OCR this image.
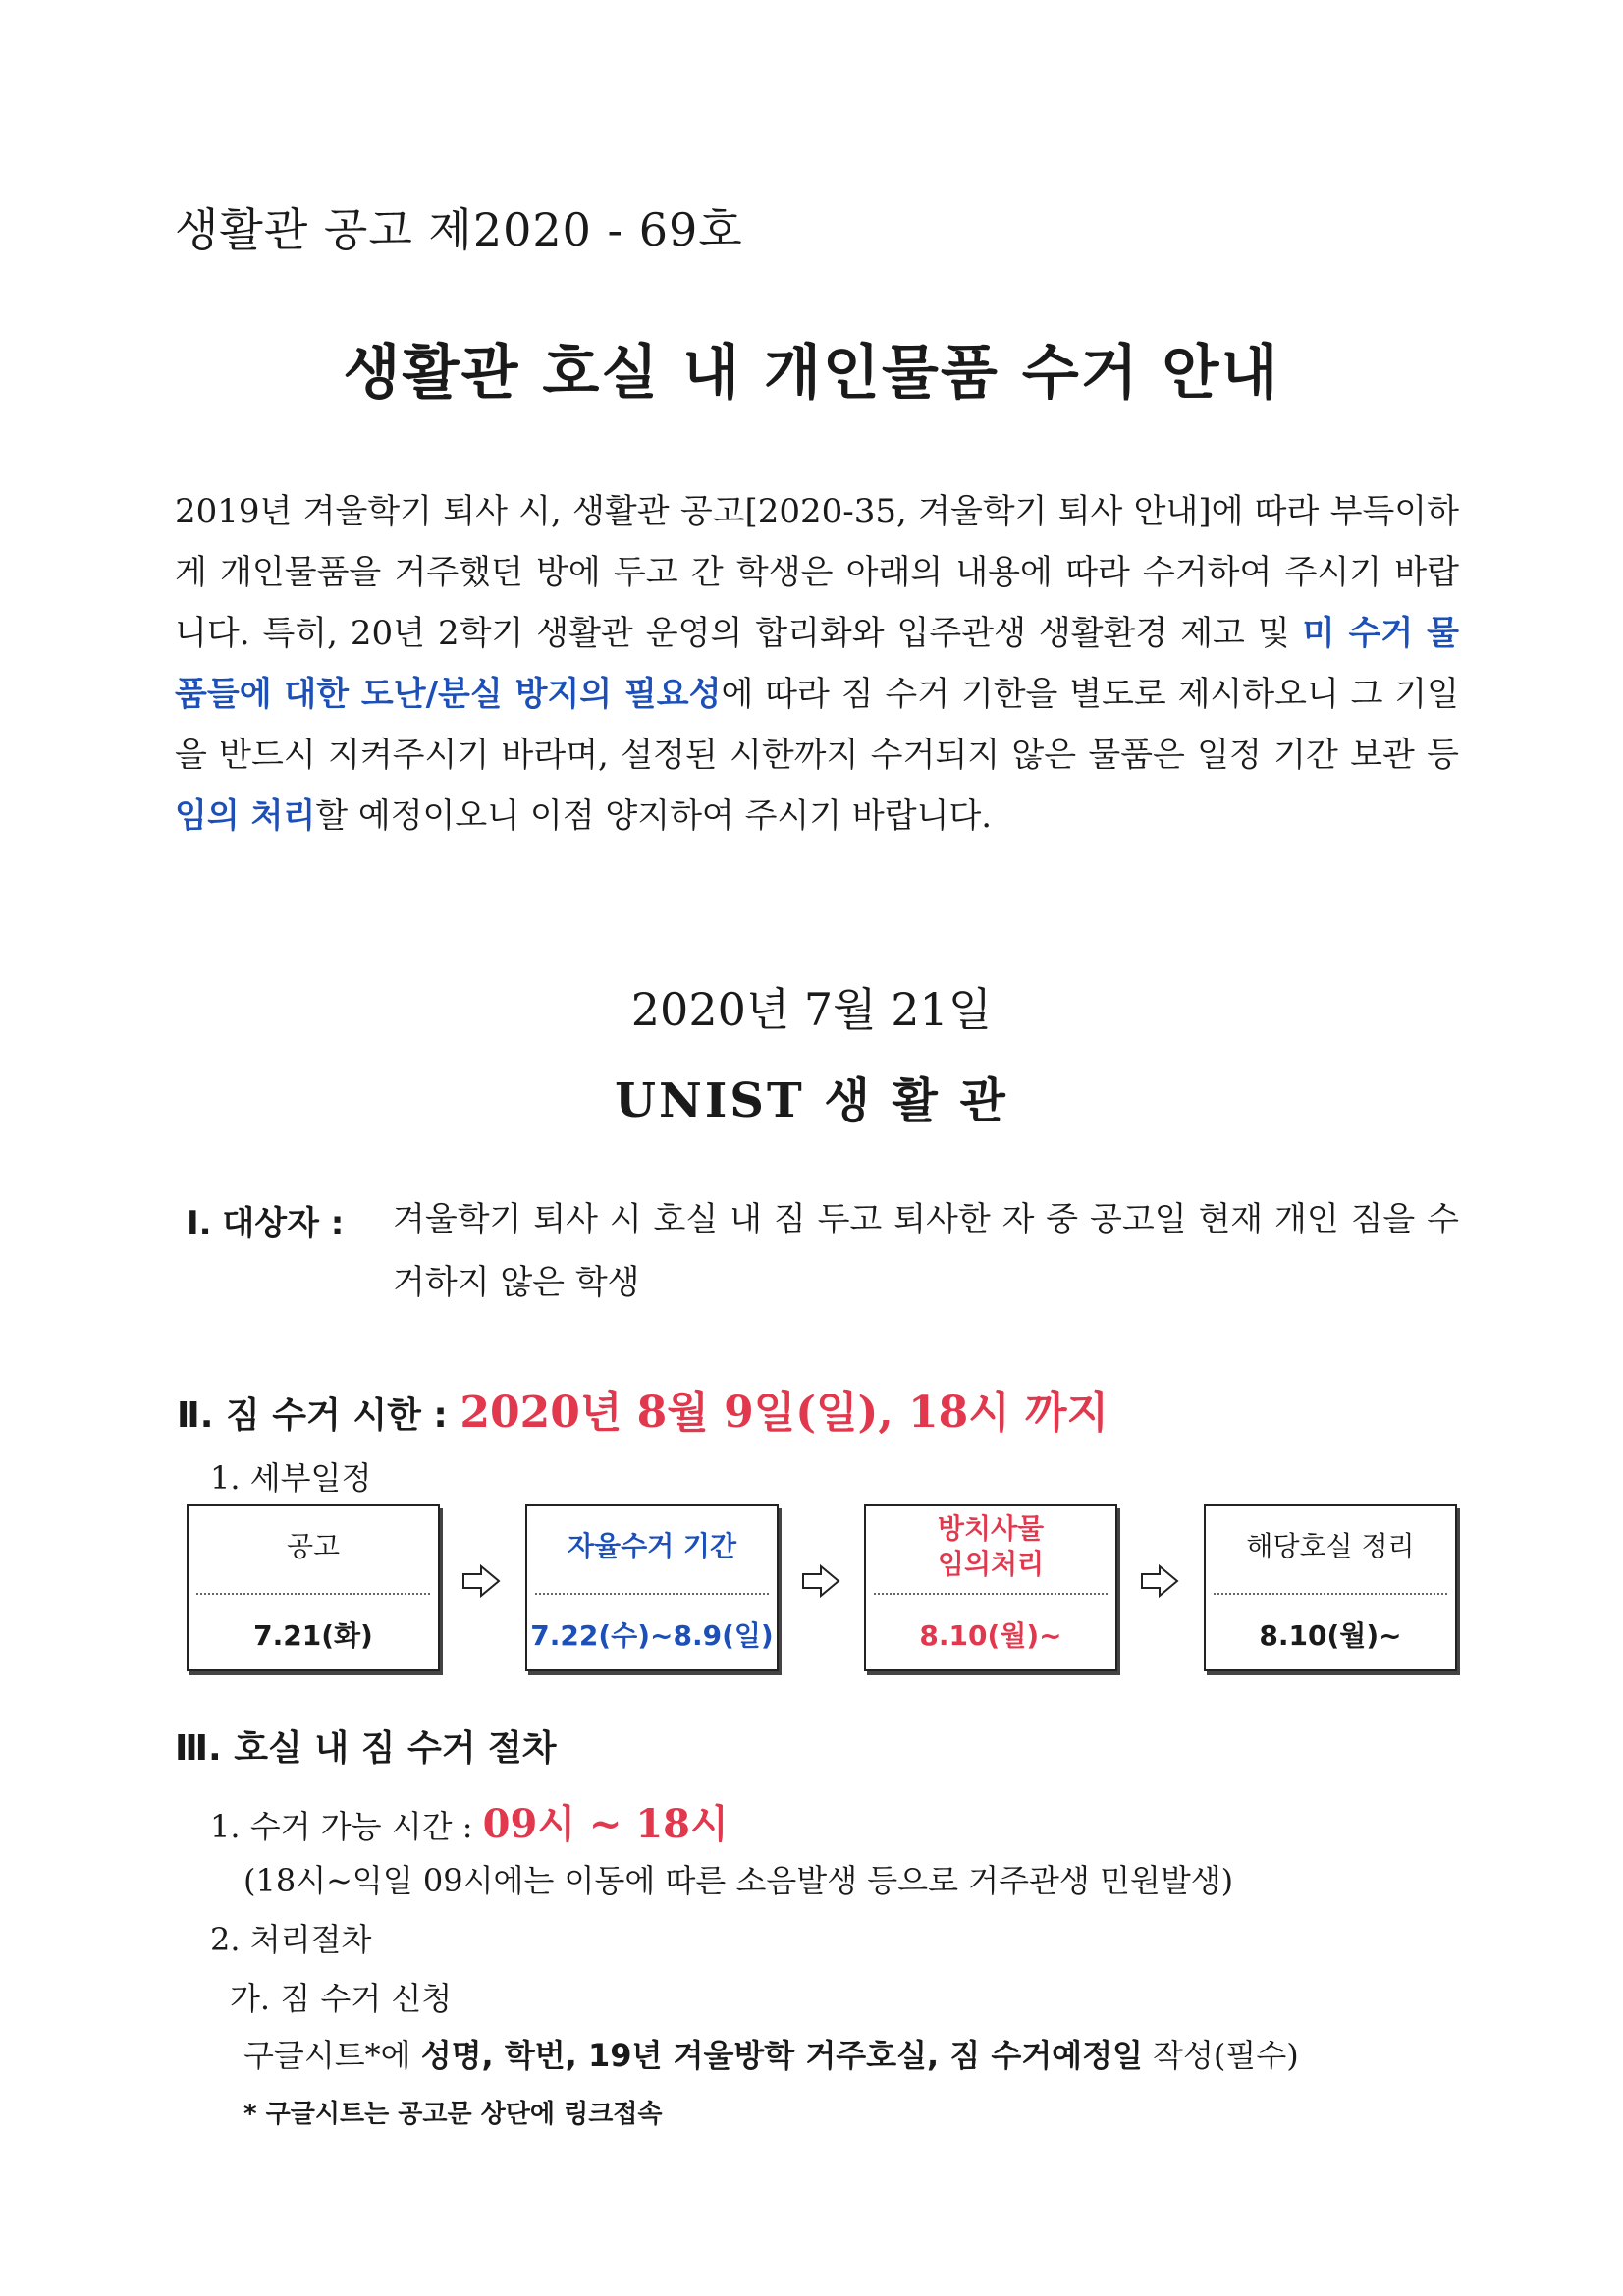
생활관 공고 제2020 - 69호
생활관 호실 내 개인물품 수거 안내
2019년 겨울학기 퇴사 시, 생활관 공고[2020-35, 겨울학기 퇴사 안내]에 따라 부득이하게 개인물품을 거주했던 방에 두고 간 학생은 아래의 내용에 따라 수거하여 주시기 바랍니다. 특히, 20년 2학기 생활관 운영의 합리화와 입주관생 생활환경 제고 및 미 수거 물품들에 대한 도난/분실 방지의 필요성에 따라 짐 수거 기한을 별도로 제시하오니 그 기일을 반드시 지켜주시기 바라며, 설정된 시한까지 수거되지 않은 물품은 일정 기간 보관 등 임의 처리할 예정이오니 이점 양지하여 주시기 바랍니다.
2020년 7월 21일
UNIST 생 활 관
Ⅰ. 대상자 : 겨울학기 퇴사 시 호실 내 짐 두고 퇴사한 자 중 공고일 현재 개인 짐을 수거하지 않은 학생
Ⅱ. 짐 수거 시한 : 2020년 8월 9일(일), 18시 까지
1. 세부일정
공고
7.21(화)
자율수거 기간
7.22(수)~8.9(일)
방치사물
임의처리
8.10(월)~
해당호실 정리
8.10(월)~
Ⅲ. 호실 내 짐 수거 절차
1. 수거 가능 시간 : 09시 ~ 18시
(18시~익일 09시에는 이동에 따른 소음발생 등으로 거주관생 민원발생)
2. 처리절차
가. 짐 수거 신청
구글시트*에 성명, 학번, 19년 겨울방학 거주호실, 짐 수거예정일 작성(필수)
* 구글시트는 공고문 상단에 링크접속
